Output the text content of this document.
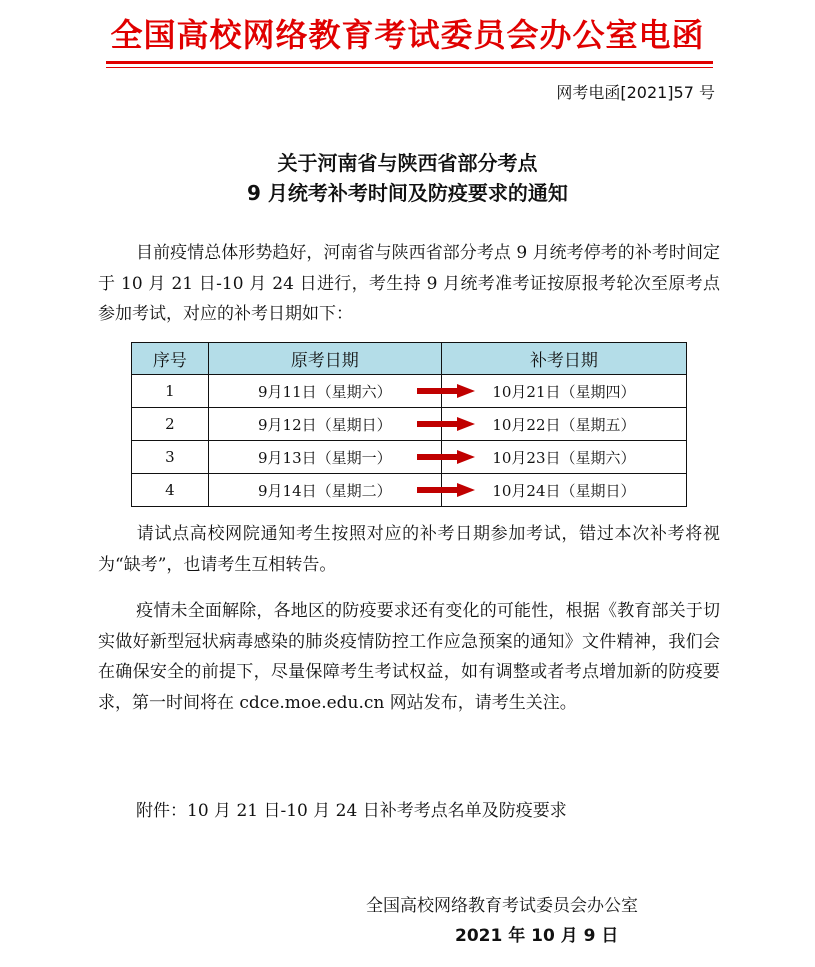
全国高校网络教育考试委员会办公室电函
网考电函[2021]57 号
关于河南省与陕西省部分考点
9 月统考补考时间及防疫要求的通知
目前疫情总体形势趋好，河南省与陕西省部分考点 9 月统考停考的补考时间定于 10 月 21 日-10 月 24 日进行，考生持 9 月统考准考证按原报考轮次至原考点参加考试，对应的补考日期如下：
序号	原考日期	补考日期
1	9月11日（星期六）	10月21日（星期四）
2	9月12日（星期日）	10月22日（星期五）
3	9月13日（星期一）	10月23日（星期六）
4	9月14日（星期二）	10月24日（星期日）
请试点高校网院通知考生按照对应的补考日期参加考试，错过本次补考将视为“缺考”，也请考生互相转告。
疫情未全面解除，各地区的防疫要求还有变化的可能性，根据《教育部关于切实做好新型冠状病毒感染的肺炎疫情防控工作应急预案的通知》文件精神，我们会在确保安全的前提下，尽量保障考生考试权益，如有调整或者考点增加新的防疫要求，第一时间将在 cdce.moe.edu.cn 网站发布，请考生关注。
附件：10 月 21 日-10 月 24 日补考考点名单及防疫要求
全国高校网络教育考试委员会办公室
2021 年 10 月 9 日
